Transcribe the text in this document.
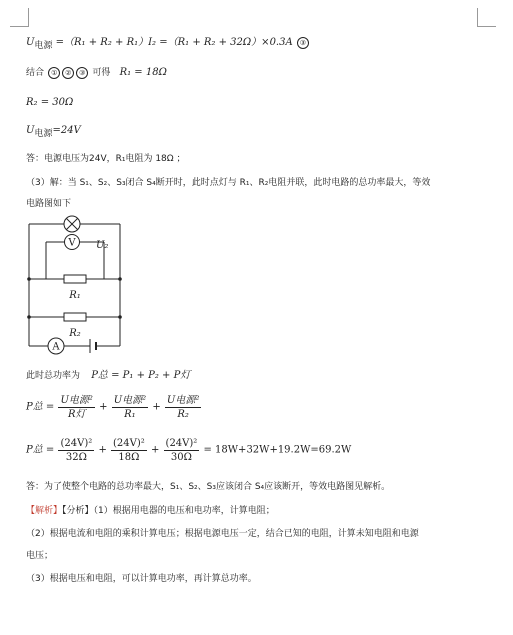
$U_{电源} =(R_1 + R_2 + R_1)I_2 =(R_1 + R_2 + 32\Omega)\times 0.3A$ ③
结合 ① ② ③ 可得 R₁ = 18Ω
R₂ = 30Ω
$U_{电源}=24V$
答：电源电压为24V，R₁电阻为 18Ω ；
（3）解：当 S₁、S₂、S₃闭合 S₄断开时，此时点灯与 R₁、R₂电阻并联，此时电路的总功率最大，等效
电路图如下
V U₂
R₁
R₂
A
此时总功率为 P总 = P₁ + P₂ + P灯
P总 = $\frac{\text{U电源²}}{\text{R灯}} + \frac{\text{U电源²}}{\text{R₁}} + \frac{\text{U电源²}}{\text{R₂}}$
P总 = $\frac{\text{(24V)²}}{32\Omega} + \frac{\text{(24V)²}}{18\Omega} + \frac{\text{(24V)²}}{30\Omega} = 18W+32W+19.2W=69.2W$
答：为了使整个电路的总功率最大，S₁、S₂、S₃应该闭合 S₄应该断开，等效电路图见解析。
【解析】【分析】（1）根据用电器的电压和电功率，计算电阻；
（2）根据电流和电阻的乘积计算电压；根据电源电压一定，结合已知的电阻，计算未知电阻和电源
电压；
（3）根据电压和电阻，可以计算电功率，再计算总功率。
